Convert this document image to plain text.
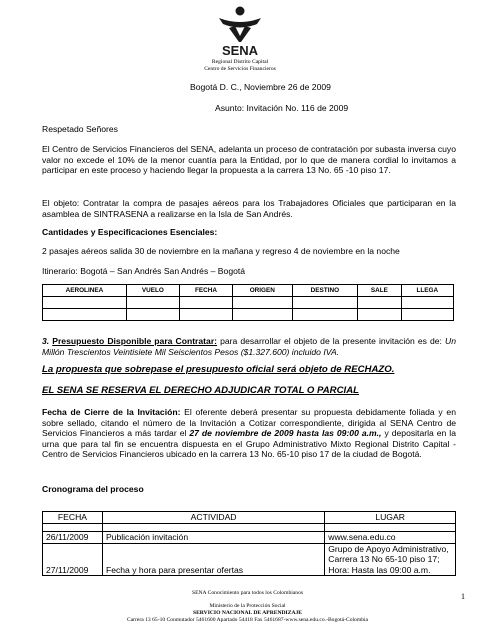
SENA
Regional Distrito Capital
Centro de Servicios Financieros
Bogotá D. C., Noviembre 26 de 2009
Asunto: Invitación No. 116 de 2009
Respetado Señores
El Centro de Servicios Financieros del SENA, adelanta un proceso de contratación por subasta inversa cuyo valor no excede el 10% de la menor cuantía para la Entidad, por lo que de manera cordial lo invitamos a participar en este proceso y haciendo llegar la propuesta a la carrera 13 No. 65 -10 piso 17.
El objeto: Contratar la compra de pasajes aéreos para los Trabajadores Oficiales que participaran en la asamblea de SINTRASENA a realizarse en la Isla de San Andrés.
Cantidades y Especificaciones Esenciales:
2 pasajes aéreos salida 30 de noviembre en la mañana y regreso 4 de noviembre en la noche
Itinerario: Bogotá – San Andrés San Andrés – Bogotá
AEROLINEA	VUELO	FECHA	ORIGEN	DESTINO	SALE	LLEGA

3. Presupuesto Disponible para Contratar: para desarrollar el objeto de la presente invitación es de: Un Millón Trescientos Veintisiete Mil Seiscientos Pesos ($1.327.600) incluido IVA.
La propuesta que sobrepase el presupuesto oficial será objeto de RECHAZO.
EL SENA SE RESERVA EL DERECHO ADJUDICAR TOTAL O PARCIAL
Fecha de Cierre de la Invitación: El oferente deberá presentar su propuesta debidamente foliada y en sobre sellado, citando el número de la Invitación a Cotizar correspondiente, dirigida al SENA Centro de Servicios Financieros a más tardar el 27 de noviembre de 2009 hasta las 09:00 a.m., y depositarla en la urna que para tal fin se encuentra dispuesta en el Grupo Administrativo Mixto Regional Distrito Capital - Centro de Servicios Financieros ubicado en la carrera 13 No. 65-10 piso 17 de la ciudad de Bogotá.
Cronograma del proceso
FECHA	ACTIVIDAD	LUGAR

26/11/2009	Publicación invitación	www.sena.edu.co
27/11/2009	Fecha y hora para presentar ofertas	Grupo de Apoyo Administrativo, Carrera 13 No 65-10 piso 17; Hora: Hasta las 09:00 a.m.
SENA Conocimiento para todos los Colombianos	1
Ministerio de la Protección Social
SERVICIO NACIONAL DE APRENDIZAJE
Carrera 13 65-10 Conmutador 5461600 Apartado 54418 Fax 5461687-www.sena.edu.co.-Bogotá-Colombia
